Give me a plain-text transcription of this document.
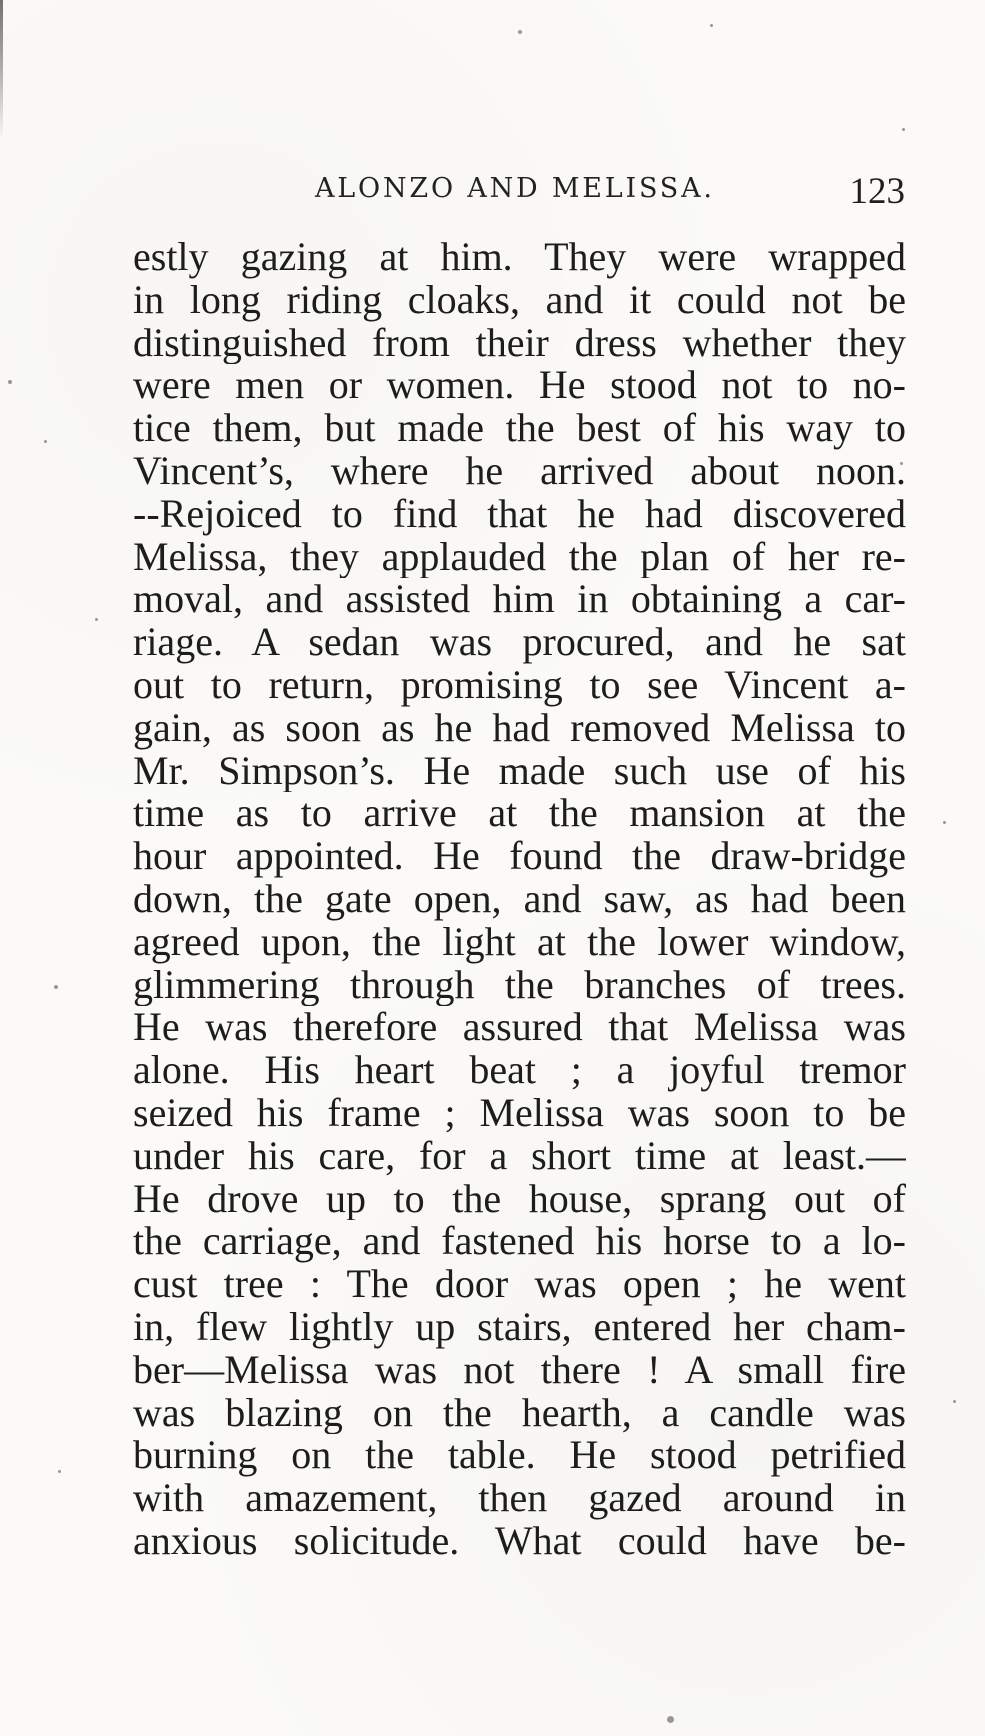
ALONZO AND MELISSA.	123
estly gazing at him. They were wrapped
in long riding cloaks, and it could not be
distinguished from their dress whether they
were men or women. He stood not to no-
tice them, but made the best of his way to
Vincent’s, where he arrived about noon.
--Rejoiced to find that he had discovered
Melissa, they applauded the plan of her re-
moval, and assisted him in obtaining a car-
riage. A sedan was procured, and he sat
out to return, promising to see Vincent a-
gain, as soon as he had removed Melissa to
Mr. Simpson’s. He made such use of his
time as to arrive at the mansion at the
hour appointed. He found the draw-bridge
down, the gate open, and saw, as had been
agreed upon, the light at the lower window,
glimmering through the branches of trees.
He was therefore assured that Melissa was
alone. His heart beat ; a joyful tremor
seized his frame ; Melissa was soon to be
under his care, for a short time at least.—
He drove up to the house, sprang out of
the carriage, and fastened his horse to a lo-
cust tree : The door was open ; he went
in, flew lightly up stairs, entered her cham-
ber—Melissa was not there ! A small fire
was blazing on the hearth, a candle was
burning on the table. He stood petrified
with amazement, then gazed around in
anxious solicitude. What could have be-
